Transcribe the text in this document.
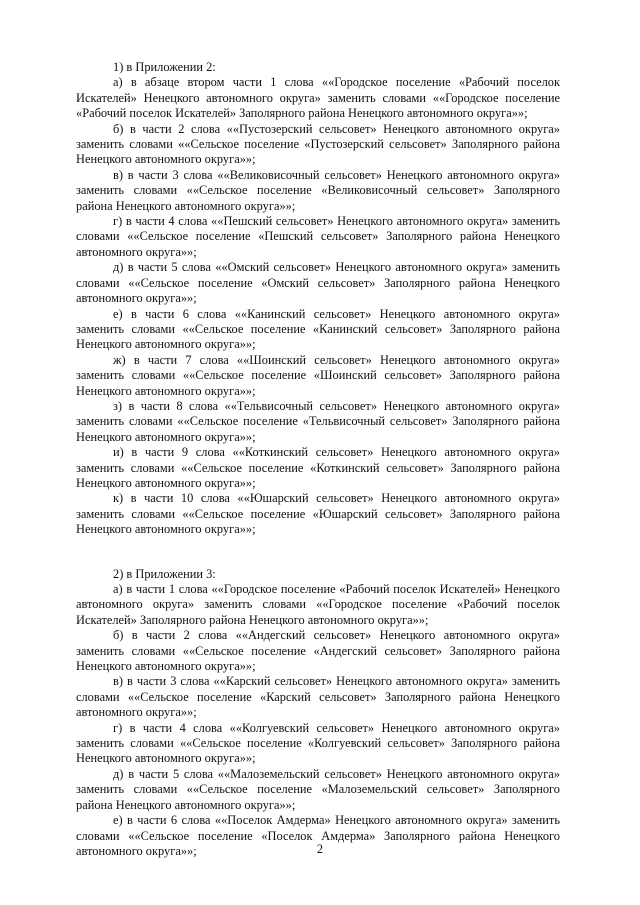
1) в Приложении 2:

а) в абзаце втором части 1 слова ««Городское поселение «Рабочий поселок Искателей» Ненецкого автономного округа» заменить словами ««Городское поселение «Рабочий поселок Искателей» Заполярного района Ненецкого автономного округа»»;

б) в части 2 слова ««Пустозерский сельсовет» Ненецкого автономного округа» заменить словами ««Сельское поселение «Пустозерский сельсовет» Заполярного района Ненецкого автономного округа»»;

в) в части 3 слова ««Великовисочный сельсовет» Ненецкого автономного округа» заменить словами ««Сельское поселение «Великовисочный сельсовет» Заполярного района Ненецкого автономного округа»»;

г) в части 4 слова ««Пешский сельсовет» Ненецкого автономного округа» заменить словами ««Сельское поселение «Пешский сельсовет» Заполярного района Ненецкого автономного округа»»;

д) в части 5 слова ««Омский сельсовет» Ненецкого автономного округа» заменить словами ««Сельское поселение «Омский сельсовет» Заполярного района Ненецкого автономного округа»»;

е) в части 6 слова ««Канинский сельсовет» Ненецкого автономного округа» заменить словами ««Сельское поселение «Канинский сельсовет» Заполярного района Ненецкого автономного округа»»;

ж) в части 7 слова ««Шоинский сельсовет» Ненецкого автономного округа» заменить словами ««Сельское поселение «Шоинский сельсовет» Заполярного района Ненецкого автономного округа»»;

з) в части 8 слова ««Тельвисочный сельсовет» Ненецкого автономного округа» заменить словами ««Сельское поселение «Тельвисочный сельсовет» Заполярного района Ненецкого автономного округа»»;

и) в части 9 слова ««Коткинский сельсовет» Ненецкого автономного округа» заменить словами ««Сельское поселение «Коткинский сельсовет» Заполярного района Ненецкого автономного округа»»;

к) в части 10 слова ««Юшарский сельсовет» Ненецкого автономного округа» заменить словами ««Сельское поселение «Юшарский сельсовет» Заполярного района Ненецкого автономного округа»»;

2) в Приложении 3:

а) в части 1 слова ««Городское поселение «Рабочий поселок Искателей» Ненецкого автономного округа» заменить словами ««Городское поселение «Рабочий поселок Искателей» Заполярного района Ненецкого автономного округа»»;

б) в части 2 слова ««Андегский сельсовет» Ненецкого автономного округа» заменить словами ««Сельское поселение «Андегский сельсовет» Заполярного района Ненецкого автономного округа»»;

в) в части 3 слова ««Карский сельсовет» Ненецкого автономного округа» заменить словами ««Сельское поселение «Карский сельсовет» Заполярного района Ненецкого автономного округа»»;

г) в части 4 слова ««Колгуевский сельсовет» Ненецкого автономного округа» заменить словами ««Сельское поселение «Колгуевский сельсовет» Заполярного района Ненецкого автономного округа»»;

д) в части 5 слова ««Малоземельский сельсовет» Ненецкого автономного округа» заменить словами ««Сельское поселение «Малоземельский сельсовет» Заполярного района Ненецкого автономного округа»»;

е) в части 6 слова ««Поселок Амдерма» Ненецкого автономного округа» заменить словами ««Сельское поселение «Поселок Амдерма» Заполярного района Ненецкого автономного округа»»;	2
